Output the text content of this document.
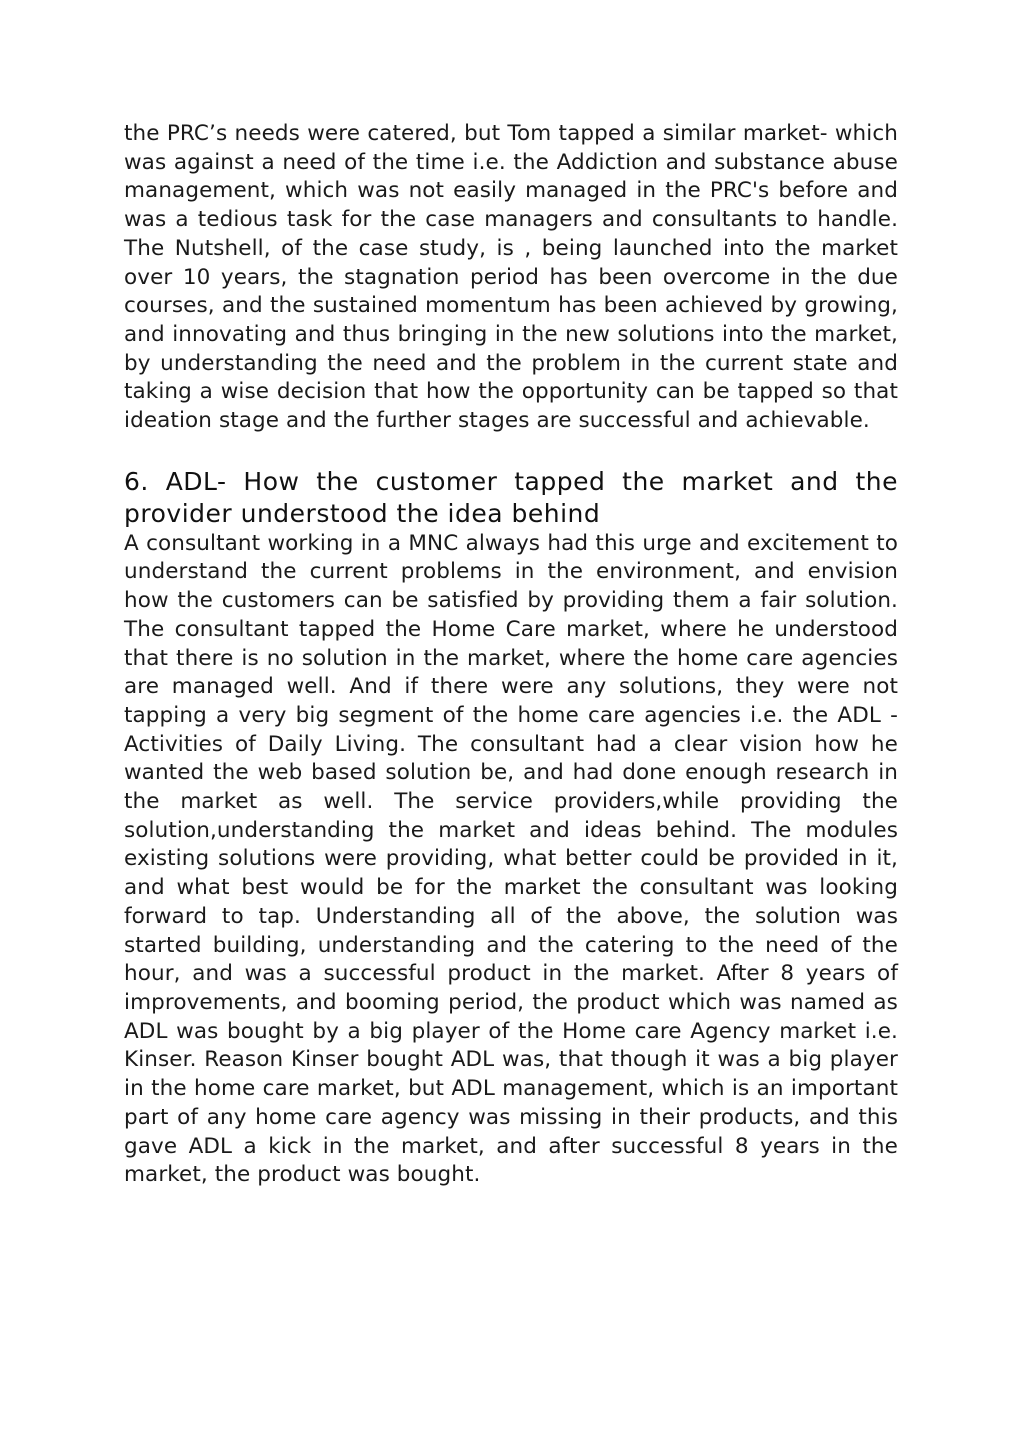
the PRC’s needs were catered, but Tom tapped a similar market- which was against a need of the time i.e. the Addiction and substance abuse management, which was not easily managed in the PRC's before and was a tedious task for the case managers and consultants to handle. The Nutshell, of the case study, is , being launched into the market over 10 years, the stagnation period has been overcome in the due courses, and the sustained momentum has been achieved by growing, and innovating and thus bringing in the new solutions into the market, by understanding the need and the problem in the current state and taking a wise decision that how the opportunity can be tapped so that ideation stage and the further stages are successful and achievable.

6. ADL- How the customer tapped the market and the provider understood the idea behind

A consultant working in a MNC always had this urge and excitement to understand the current problems in the environment, and envision how the customers can be satisfied by providing them a fair solution. The consultant tapped the Home Care market, where he understood that there is no solution in the market, where the home care agencies are managed well. And if there were any solutions, they were not tapping a very big segment of the home care agencies i.e. the ADL - Activities of Daily Living. The consultant had a clear vision how he wanted the web based solution be, and had done enough research in the market as well. The service providers,while providing the solution,understanding the market and ideas behind. The modules existing solutions were providing, what better could be provided in it, and what best would be for the market the consultant was looking forward to tap. Understanding all of the above, the solution was started building, understanding and the catering to the need of the hour, and was a successful product in the market. After 8 years of improvements, and booming period, the product which was named as ADL was bought by a big player of the Home care Agency market i.e. Kinser. Reason Kinser bought ADL was, that though it was a big player in the home care market, but ADL management, which is an important part of any home care agency was missing in their products, and this gave ADL a kick in the market, and after successful 8 years in the market, the product was bought.
